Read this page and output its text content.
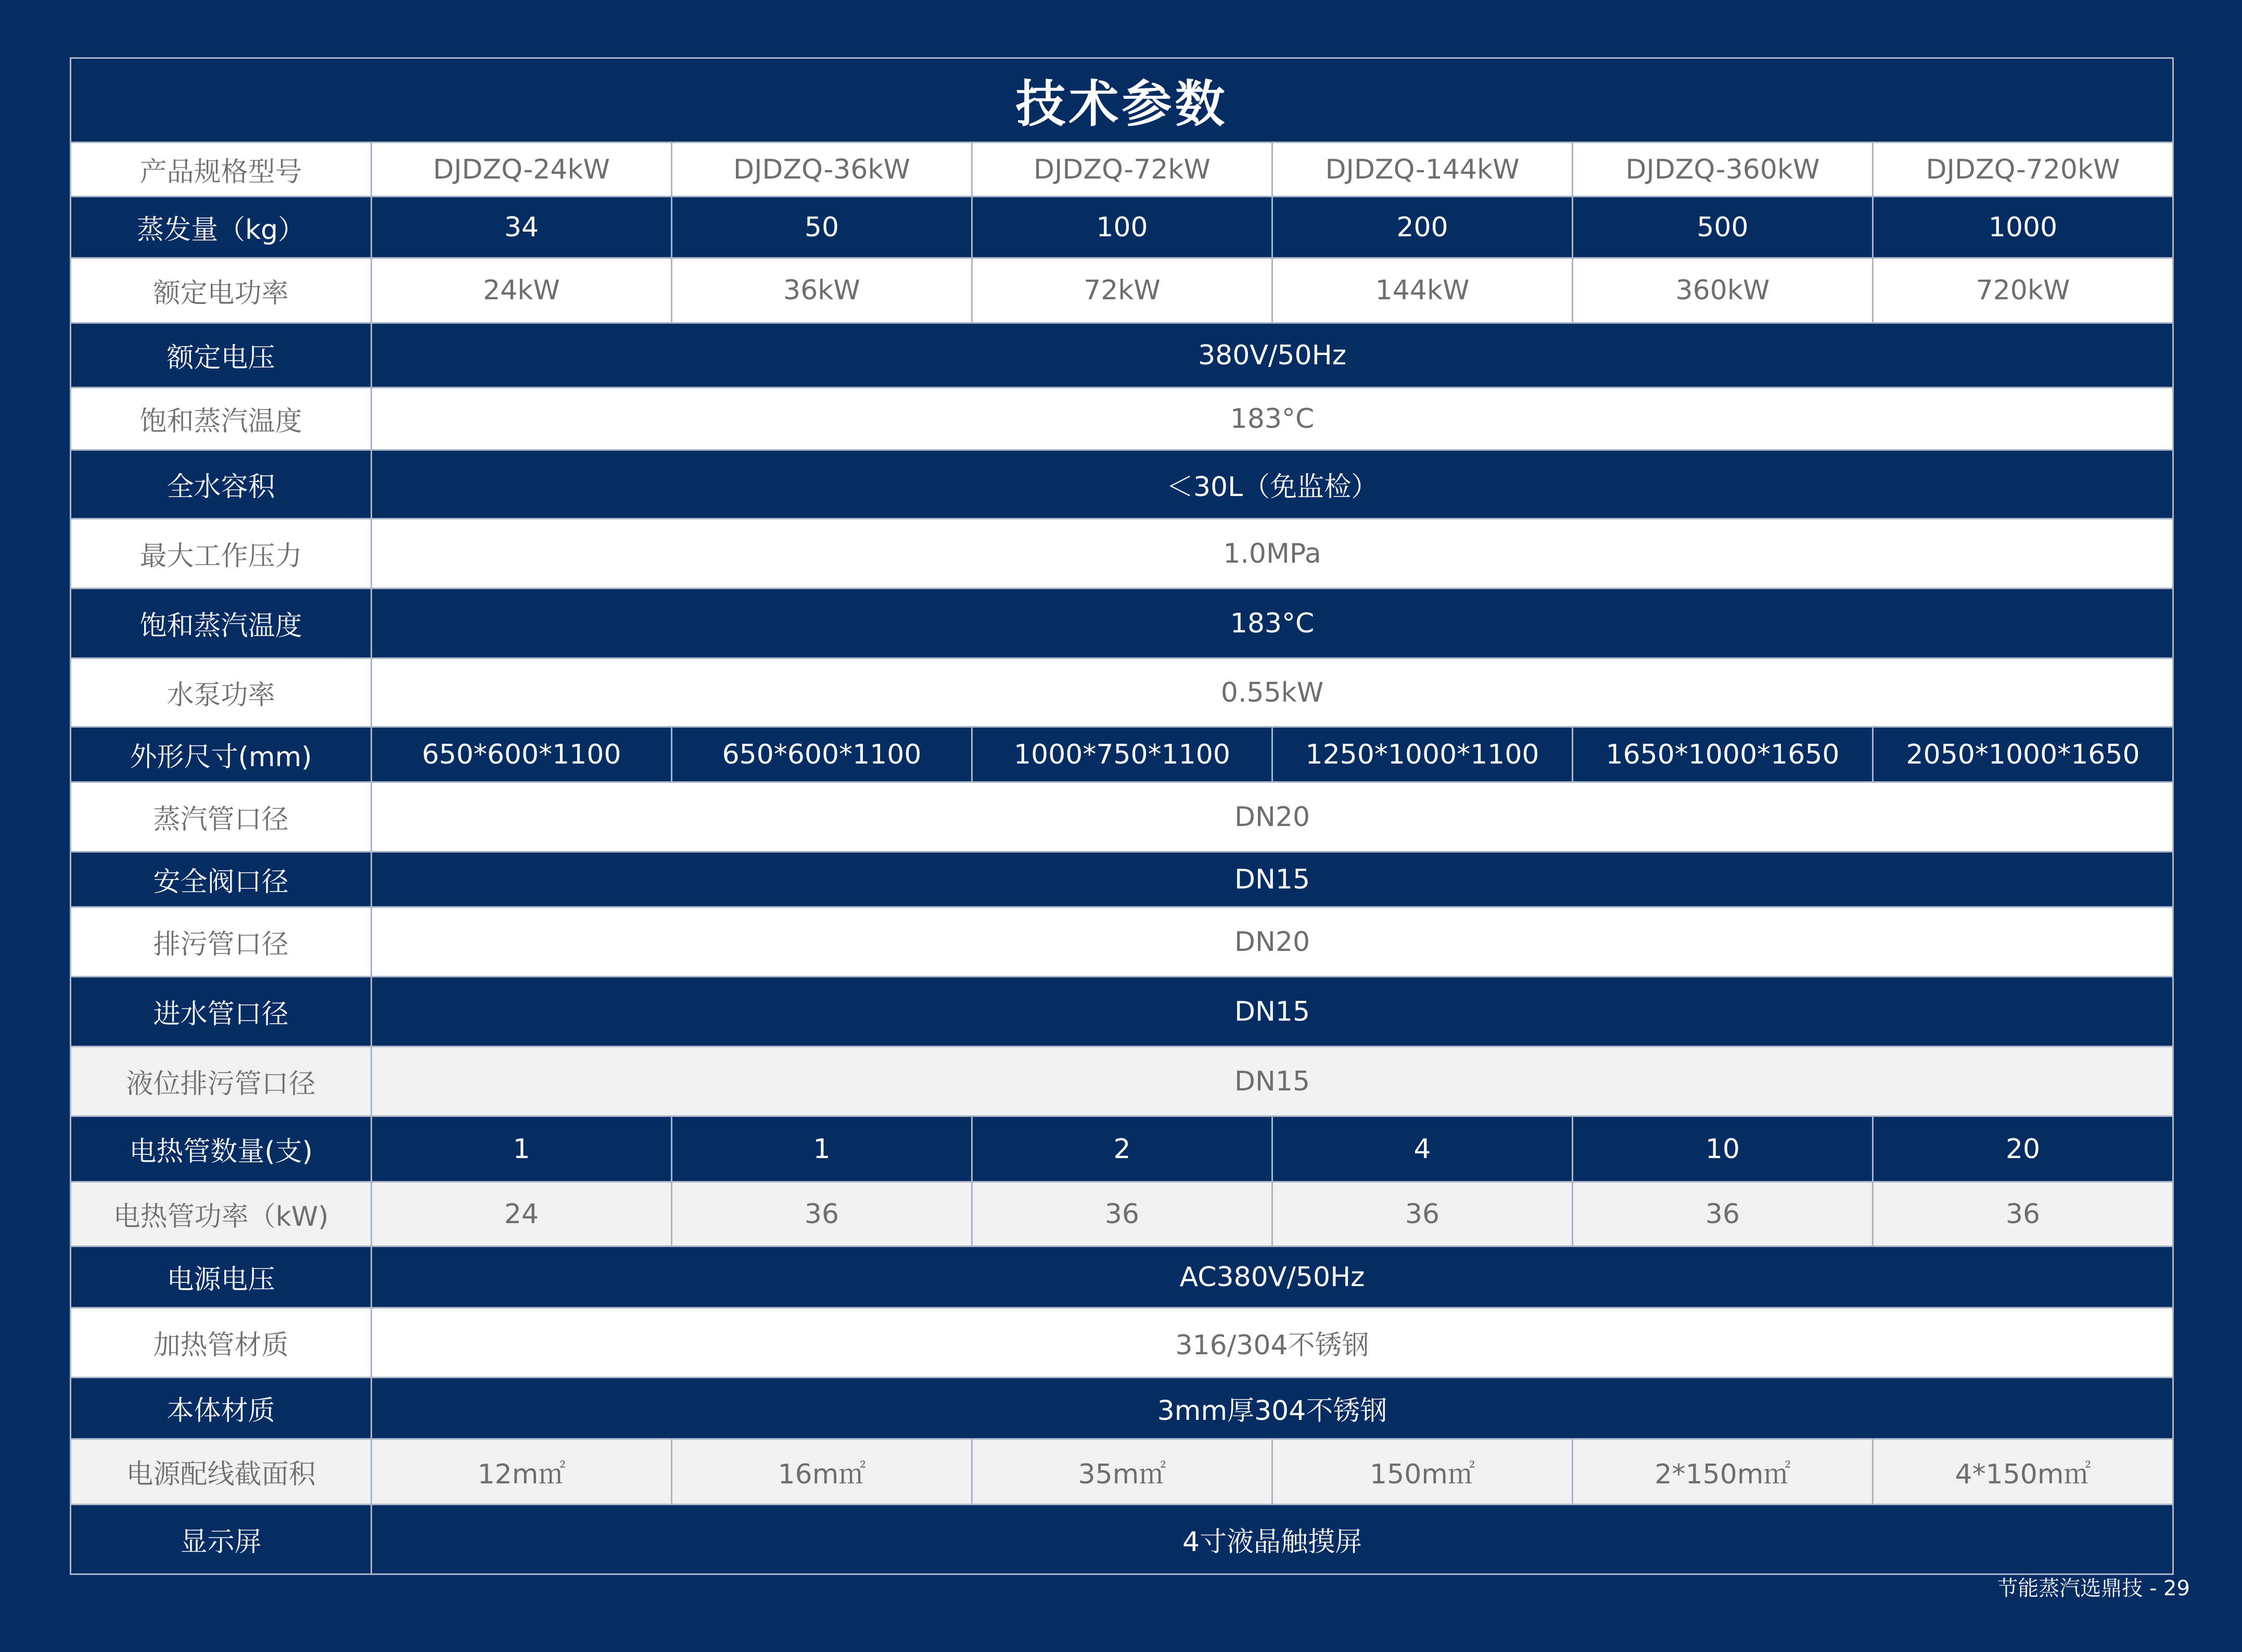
技术参数						
产品规格型号	DJDZQ-24kW	DJDZQ-36kW	DJDZQ-72kW	DJDZQ-144kW	DJDZQ-360kW	DJDZQ-720kW
蒸发量（kg）	34	50	100	200	500	1000
额定电功率	24kW	36kW	72kW	144kW	360kW	720kW
额定电压	380V/50Hz					
饱和蒸汽温度	183°C					
全水容积	＜30L（免监检）					
最大工作压力	1.0MPa					
饱和蒸汽温度	183°C					
水泵功率	0.55kW					
外形尺寸(mm)	650*600*1100	650*600*1100	1000*750*1100	1250*1000*1100	1650*1000*1650	2050*1000*1650
蒸汽管口径	DN20					
安全阀口径	DN15					
排污管口径	DN20					
进水管口径	DN15					
液位排污管口径	DN15					
电热管数量(支)	1	1	2	4	10	20
电热管功率（kW)	24	36	36	36	36	36
电源电压	AC380V/50Hz					
加热管材质	316/304不锈钢					
本体材质	3mm厚304不锈钢					
电源配线截面积	12m㎡	16m㎡	35m㎡	150m㎡	2*150m㎡	4*150m㎡
显示屏	4寸液晶触摸屏					
节能蒸汽选鼎技 - 29
